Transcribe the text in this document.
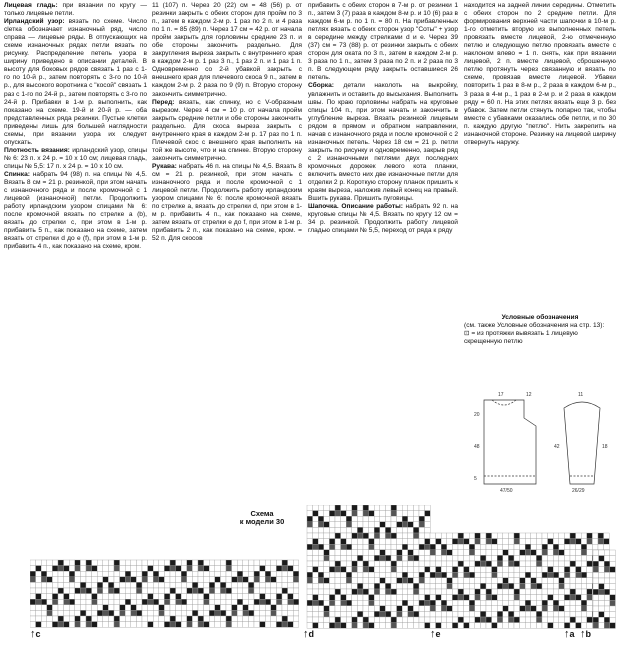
Лицевая гладь: при вязании по кругу — только лицевые петли.

Ирландский узор: вязать по схеме. Число clетка обозначает изнаночный ряд, число справа — лицевые ряды. В отпускающих на схеме изнаночных рядах петли вязать по рисунку. Распределение петель узора в ширину приведено в описании деталей. В высоту для боковых рядов связать 1 раз с 1-го по 10-й р., затем повторять с 3-го по 10-й р., для высокого воротника с "косой" связать 1 раз с 1-го по 24-й р., затем повторять с 3-го по 24-й р. Прибавки в 1-м р. выполнить, как показано на схеме. 19-й и 20-й р. — оба представленных ряда резинки. Пустые клетки приведены лишь для большей наглядности схемы, при вязании узора их следует опускать.

Плотность вязания: ирландский узор, спицы № 6: 23 п. х 24 р. = 10 х 10 см; лицевая гладь, спицы № 5,5: 17 п. х 24 р. = 10 х 10 см.

Спинка: набрать 94 (98) п. на спицы № 4,5. Вязать 8 см = 21 р. резинкой, при этом начать с изнаночного ряда и после кромочной с 1 лицевой (изнаночной) петли. Продолжить работу ирландским узором спицами № 6: после кромочной вязать по стрелке а (b), вязать до стрелки с, при этом в 1-м р. прибавить 5 п., как показано на схеме, затем вязать от стрелки d до e (f), при этом в 1-м р. прибавить 4 п., как показано на схеме, кром.

11 (107) п. Через 20 (22) см = 48 (56) р. от резинки закрыть с обеих сторон для пройм по 3 п., затем в каждом 2-м р. 1 раз по 2 п. и 4 раза по 1 п. = 85 (89) п. Через 17 см = 42 р. от начала пройм закрыть для горловины средние 23 п. и обе стороны закончить раздельно. Для закругления выреза закрыть с внутреннего края в каждом 2-м р. 1 раз 3 п., 1 раз 2 п. и 1 раз 1 п. Одновременно со 2-й убавкой закрыть с внешнего края для плечевого скоса 9 п., затем в каждом 2-м р. 2 раза по 9 (9) п. Вторую сторону закончить симметрично.

Перед: вязать, как спинку, но с V-образным вырезом. Через 4 см = 10 р. от начала пройм закрыть средние петли и обе стороны закончить раздельно. Для скоса выреза закрыть с внутреннего края в каждом 2-м р. 17 раз по 1 п. Плечевой скос с внешнего края выполнить на той же высоте, что и на спинке. Вторую сторону закончить симметрично.

Рукава: набрать 46 п. на спицы № 4,5. Вязать 8 см = 21 р. резинкой, при этом начать с изнаночного ряда и после кромочной с 1 лицевой петли. Продолжить работу ирландским узором спицами № 6: после кромочной вязать по стрелке а, вязать до стрелки d, при этом в 1-м р. прибавить 4 п., как показано на схеме, затем вязать от стрелки e до f, при этом в 1-м р. прибавить 2 п., как показано на схеме, кром. = 52 п. Для скосов

прибавить с обеих сторон в 7-м р. от резинки 1 п., затем 3 (7) раза в каждом 8-м р. и 10 (6) раз в каждом 6-м р. по 1 п. = 80 п. На прибавленных петлях вязать с обеих сторон узор "Соты" + узор в середине между стрелками d и e. Через 39 (37) см = 73 (88) р. от резинки закрыть с обеих сторон для окатa по 3 п., затем в каждом 2-м р. 3 раза по 1 п., затем 3 раза по 2 п. и 2 раза по 3 п. В следующем ряду закрыть оставшиеся 26 петель.

Сборка: детали наколоть на выкройку, увлажнить и оставить до высыхания. Выполнить швы. По краю горловины набрать на круговые спицы 104 п., при этом начать и закончить в углубление выреза. Вязать резинкой лицевым рядом в прямом и обратном направлении, начав с изнаночного ряда и после кромочной с 2 изнаночных петель. Через 18 см = 21 р. петли закрыть по рисунку и одновременно, закрыв ряд с 2 изнаночными петлями двух последних кромочных дорожек левого кота планки, включить вместо них две изнаночные петли для отделки 2 р. Короткую сторону планок пришить к краям выреза, наложив левый конец на правый. Вшить рукава. Пришить пуговицы.

Шапочка. Описание работы: набрать 92 п. на круговые спицы № 4,5. Вязать по кругу 12 см = 34 р. резинкой. Продолжить работу лицевой гладью спицами № 5,5, переход от ряда к ряду

находится на задней линии середины. Отметить с обеих сторон по 2 средние петли. Для формирования верхней части шапочки в 10-м р. 1-го отметить вторую из выполненных петель провязать вместе лицевой, 2-ю отмеченную петлю и следующую петлю провязать вместе с наклоном влево = 1 п. снять, как при вязании лицевой, 2 п. вместе лицевой, сброшенную петлю протянуть через связанную и вязать по схеме, провязав вместе лицевой. Убавки повторить 1 раз в 8-м р., 2 раза в каждом 6-м р., 3 раза в 4-м р., 1 раз в 2-м р. и 2 раза в каждом ряду = 60 п. На этих петлях вязать еще 3 р. без убавок. Затем петли стянуть попарно так, чтобы вместе с убавками оказались обе петли, и по 30 п. каждую другую "петлю". Нить закрепить на изнаночной стороне. Резинку на лицевой ширину отвернуть наружу.

Условные обозначения
(см. также Условные обозначения на стр. 13):
⊡ = из протяжки вывязать 1 лицевую скрещенную петлю
17	12
20
48
47/50
5
11
18
26/29
42
Схема
к модели 30
↑c	↑d	↑e	↑a ↑b
